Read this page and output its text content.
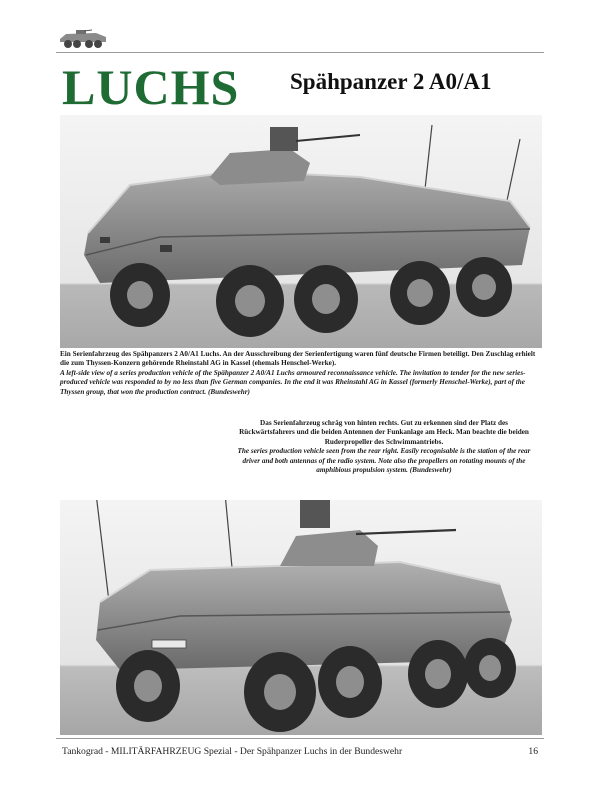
LUCHS Spähpanzer 2 A0/A1
Ein Serienfahrzeug des Spähpanzers 2 A0/A1 Luchs. An der Ausschreibung der Serienfertigung waren fünf deutsche Firmen beteiligt. Den Zuschlag erhielt die zum Thyssen-Konzern gehörende Rheinstahl AG in Kassel (ehemals Henschel-Werke).
A left-side view of a series production vehicle of the Spähpanzer 2 A0/A1 Luchs armoured reconnaissance vehicle. The invitation to tender for the new series-produced vehicle was responded to by no less than five German companies. In the end it was Rheinstahl AG in Kassel (formerly Henschel-Werke), part of the Thyssen group, that won the production contract. (Bundeswehr)
Das Serienfahrzeug schräg von hinten rechts. Gut zu erkennen sind der Platz des Rückwärtsfahrers und die beiden Antennen der Funkanlage am Heck. Man beachte die beiden Ruderpropeller des Schwimmantriebs.
The series production vehicle seen from the rear right. Easily recognisable is the station of the rear driver and both antennas of the radio system. Note also the propellers on rotating mounts of the amphibious propulsion system. (Bundeswehr)
Tankograd - MILITÄRFAHRZEUG Spezial - Der Spähpanzer Luchs in der Bundeswehr	16
